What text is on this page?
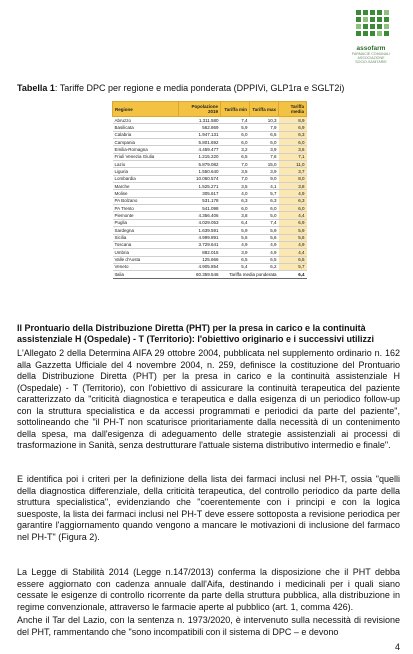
assofarm
FARMACIE COMUNALI
ASSOCIAZIONE
SOCIO-SANITARIE
Tabella 1: Tariffe DPC per regione e media ponderata (DPPIVi, GLP1ra e SGLT2i)
Regione	Popolazione 2019	Tariffa min	Tariffa max	Tariffa media
Abruzzo	1.311.580	7,4	10,3	8,9
Basilicata	562.869	5,9	7,9	6,9
Calabria	1.947.131	6,0	6,5	6,3
Campania	5.801.692	6,0	6,0	6,0
Emilia-Romagna	4.459.477	3,2	3,9	3,6
Friuli Venezia Giulia	1.215.220	6,5	7,6	7,1
Lazio	5.879.082	7,0	15,0	11,0
Liguria	1.550.640	3,5	3,9	3,7
Lombardia	10.060.574	7,0	9,0	8,0
Marche	1.525.271	3,5	4,1	3,8
Molise	305.617	4,0	5,7	4,9
PA Bolzano	531.178	6,3	6,3	6,3
PA Trento	541.098	6,0	6,0	6,0
Piemonte	4.356.406	3,8	5,0	4,4
Puglia	4.029.053	6,4	7,4	6,9
Sardegna	1.639.591	5,9	5,9	5,9
Sicilia	4.999.891	5,6	5,6	5,6
Toscana	3.729.641	4,9	4,9	4,9
Umbria	882.015	3,9	4,9	4,4
Valle d'Aosta	125.666	6,5	6,5	6,5
Veneto	4.905.854	5,4	6,2	5,7
Italia	60.359.546	Tariffa media ponderata		6,4
Il Prontuario della Distribuzione Diretta (PHT) per la presa in carico e la continuità assistenziale H (Ospedale) - T (Territorio): l'obiettivo originario e i successivi utilizzi

L'Allegato 2 della Determina AIFA 29 ottobre 2004, pubblicata nel supplemento ordinario n. 162 alla Gazzetta Ufficiale del 4 novembre 2004, n. 259, definisce la costituzione del Prontuario della Distribuzione Diretta (PHT) per la presa in carico e la continuità assistenziale H (Ospedale) - T (Territorio), con l'obiettivo di assicurare la continuità terapeutica del paziente caratterizzato da "criticità diagnostica e terapeutica e dalla esigenza di un periodico follow-up con la struttura specialistica e da accessi programmati e periodici da parte del paziente", sottolineando che "il PH-T non scaturisce prioritariamente dalla necessità di un contenimento della spesa, ma dall'esigenza di adeguamento delle strategie assistenziali ai processi di trasformazione in Sanità, senza destrutturare l'attuale sistema distributivo intermedio e finale".

E identifica poi i criteri per la definizione della lista dei farmaci inclusi nel PH-T, ossia "quelli della diagnostica differenziale, della criticità terapeutica, del controllo periodico da parte della struttura specialistica", evidenziando che "coerentemente con i principi e con la logica suesposte, la lista dei farmaci inclusi nel PH-T deve essere sottoposta a revisione periodica per garantire l'aggiornamento quando vengono a mancare le motivazioni di inclusione del farmaco nel PH-T" (Figura 2).

La Legge di Stabilità 2014 (Legge n.147/2013) conferma la disposizione che il PHT debba essere aggiornato con cadenza annuale dall'Aifa, destinando i medicinali per i quali siano cessate le esigenze di controllo ricorrente da parte della struttura pubblica, alla distribuzione in regime convenzionale, attraverso le farmacie aperte al pubblico (art. 1, comma 426).

Anche il Tar del Lazio, con la sentenza n. 1973/2020, è intervenuto sulla necessità di revisione del PHT, rammentando che "sono incompatibili con il sistema di DPC – e devono

4
